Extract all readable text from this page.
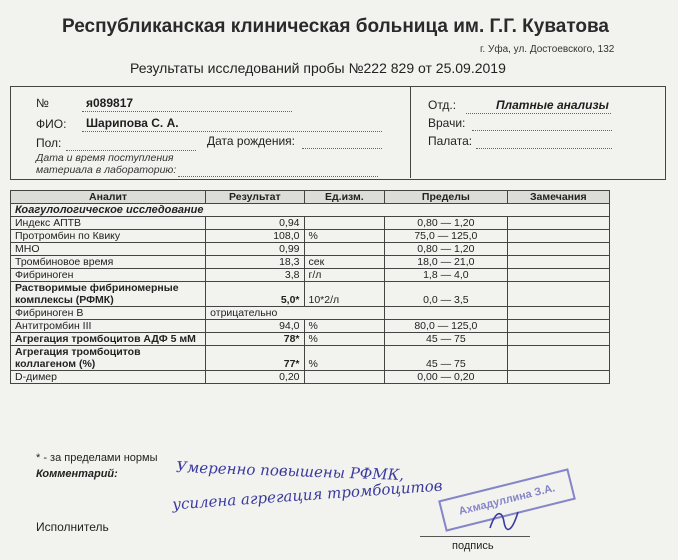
Республиканская клиническая больница им. Г.Г. Куватова
г. Уфа, ул. Достоевского, 132
Результаты исследований пробы №222 829 от 25.09.2019
№	я089817
ФИО: Шарипова С. А.
Пол:	Дата рождения:
Дата и время поступления
материала в лабораторию:
Отд.:	Платные анализы
Врачи:
Палата:
Аналит	Результат	Ед.изм.	Пределы	Замечания
Коагулологическое исследование				
Индекс АПТВ	0,94		0,80 — 1,20	
Протромбин по Квику	108,0	%	75,0 — 125,0	
МНО	0,99		0,80 — 1,20	
Тромбиновое время	18,3	сек	18,0 — 21,0	
Фибриноген	3,8	г/л	1,8 — 4,0	
Растворимые фибриномерные комплексы (РФМК)	5,0*	10*2/л	0,0 — 3,5	
Фибриноген B	отрицательно			
Антитромбин III	94,0	%	80,0 — 125,0	
Агрегация тромбоцитов АДФ 5 мМ	78*	%	45 — 75	
Агрегация тромбоцитов коллагеном (%)	77*	%	45 — 75	
D-димер	0,20		0,00 — 0,20	
* - за пределами нормы
Комментарий:	Умеренно повышены РФМК,
усилена агрегация тромбоцитов	Ахмадуллина З.А.
Исполнитель
подпись
